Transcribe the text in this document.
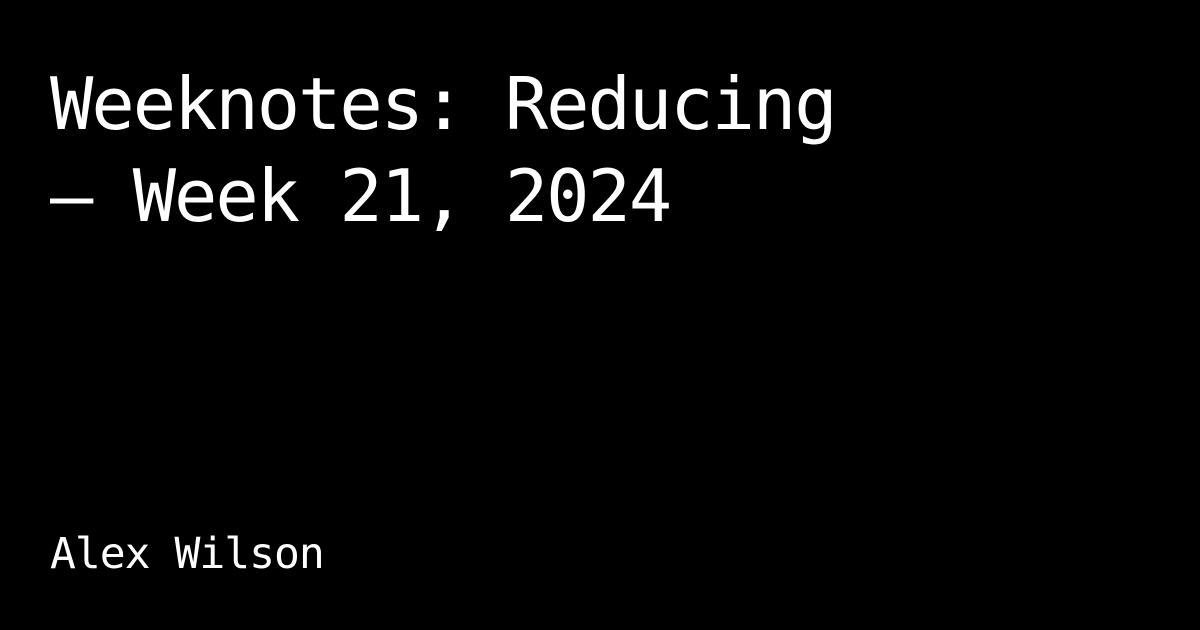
Weeknotes: Reducing
— Week 21, 2024

Alex Wilson
